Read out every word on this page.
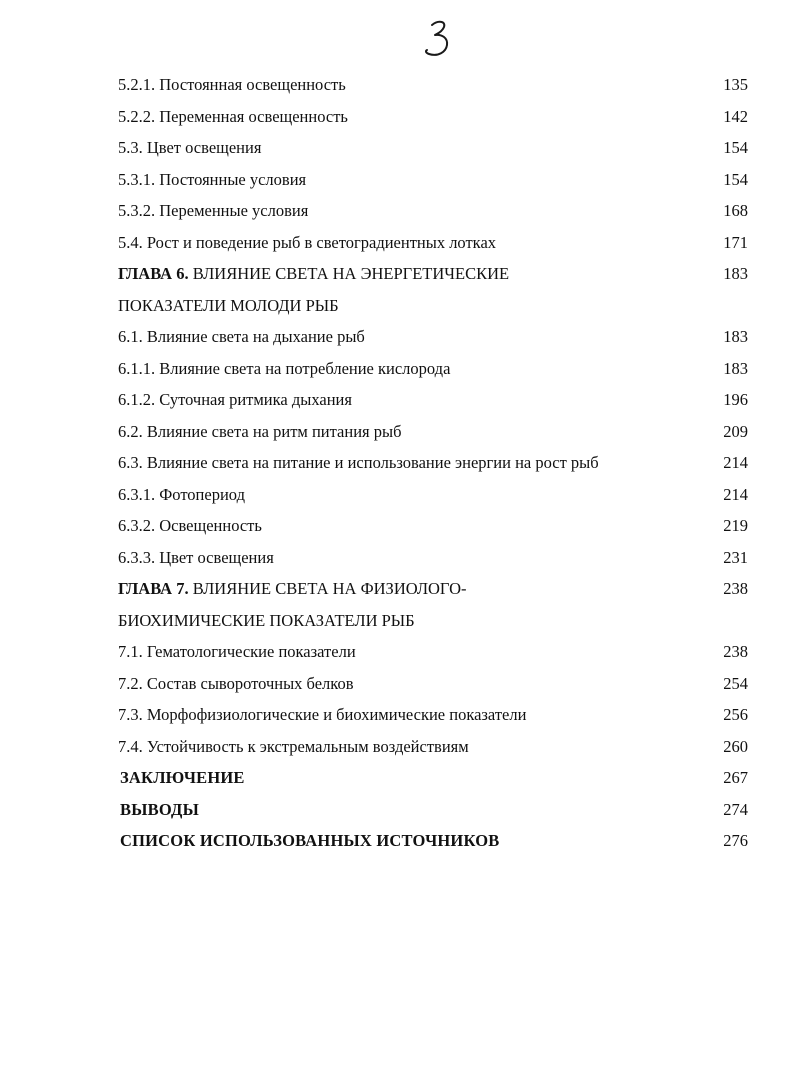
5.2.1. Постоянная освещенность	135
5.2.2. Переменная освещенность	142
5.3. Цвет освещения	154
5.3.1. Постоянные условия	154
5.3.2. Переменные условия	168
5.4. Рост и поведение рыб в светоградиентных лотках	171
ГЛАВА 6. ВЛИЯНИЕ СВЕТА НА ЭНЕРГЕТИЧЕСКИЕ	183
ПОКАЗАТЕЛИ МОЛОДИ РЫБ
6.1. Влияние света на дыхание рыб	183
6.1.1. Влияние света на потребление кислорода	183
6.1.2. Суточная ритмика дыхания	196
6.2. Влияние света на ритм питания рыб	209
6.3. Влияние света на питание и использование энергии на рост рыб	214
6.3.1. Фотопериод	214
6.3.2. Освещенность	219
6.3.3. Цвет освещения	231
ГЛАВА 7. ВЛИЯНИЕ СВЕТА НА ФИЗИОЛОГО-	238
БИОХИМИЧЕСКИЕ ПОКАЗАТЕЛИ РЫБ
7.1. Гематологические показатели	238
7.2. Состав сывороточных белков	254
7.3. Морфофизиологические и биохимические показатели	256
7.4. Устойчивость к экстремальным воздействиям	260
ЗАКЛЮЧЕНИЕ	267
ВЫВОДЫ	274
СПИСОК ИСПОЛЬЗОВАННЫХ ИСТОЧНИКОВ	276
